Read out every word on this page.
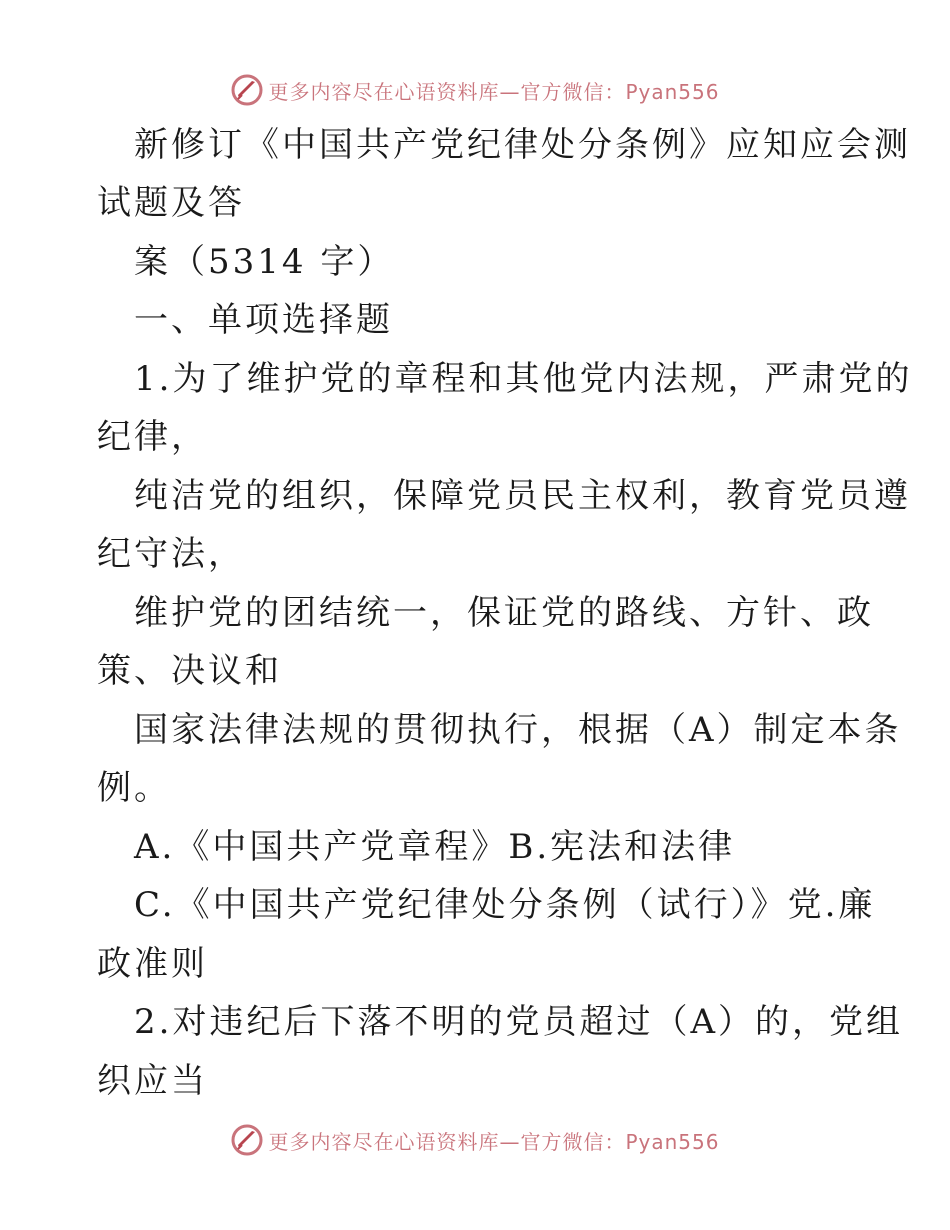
更多内容尽在心语资料库—官方微信：Pyan556
新修订《中国共产党纪律处分条例》应知应会测
试题及答
案（5314 字）
一、单项选择题
1.为了维护党的章程和其他党内法规，严肃党的
纪律，
纯洁党的组织，保障党员民主权利，教育党员遵
纪守法，
维护党的团结统一，保证党的路线、方针、政
策、决议和
国家法律法规的贯彻执行，根据（A）制定本条
例。
A.《中国共产党章程》B.宪法和法律
C.《中国共产党纪律处分条例（试行）》党.廉
政准则
2.对违纪后下落不明的党员超过（A）的，党组
织应当
更多内容尽在心语资料库—官方微信：Pyan556
